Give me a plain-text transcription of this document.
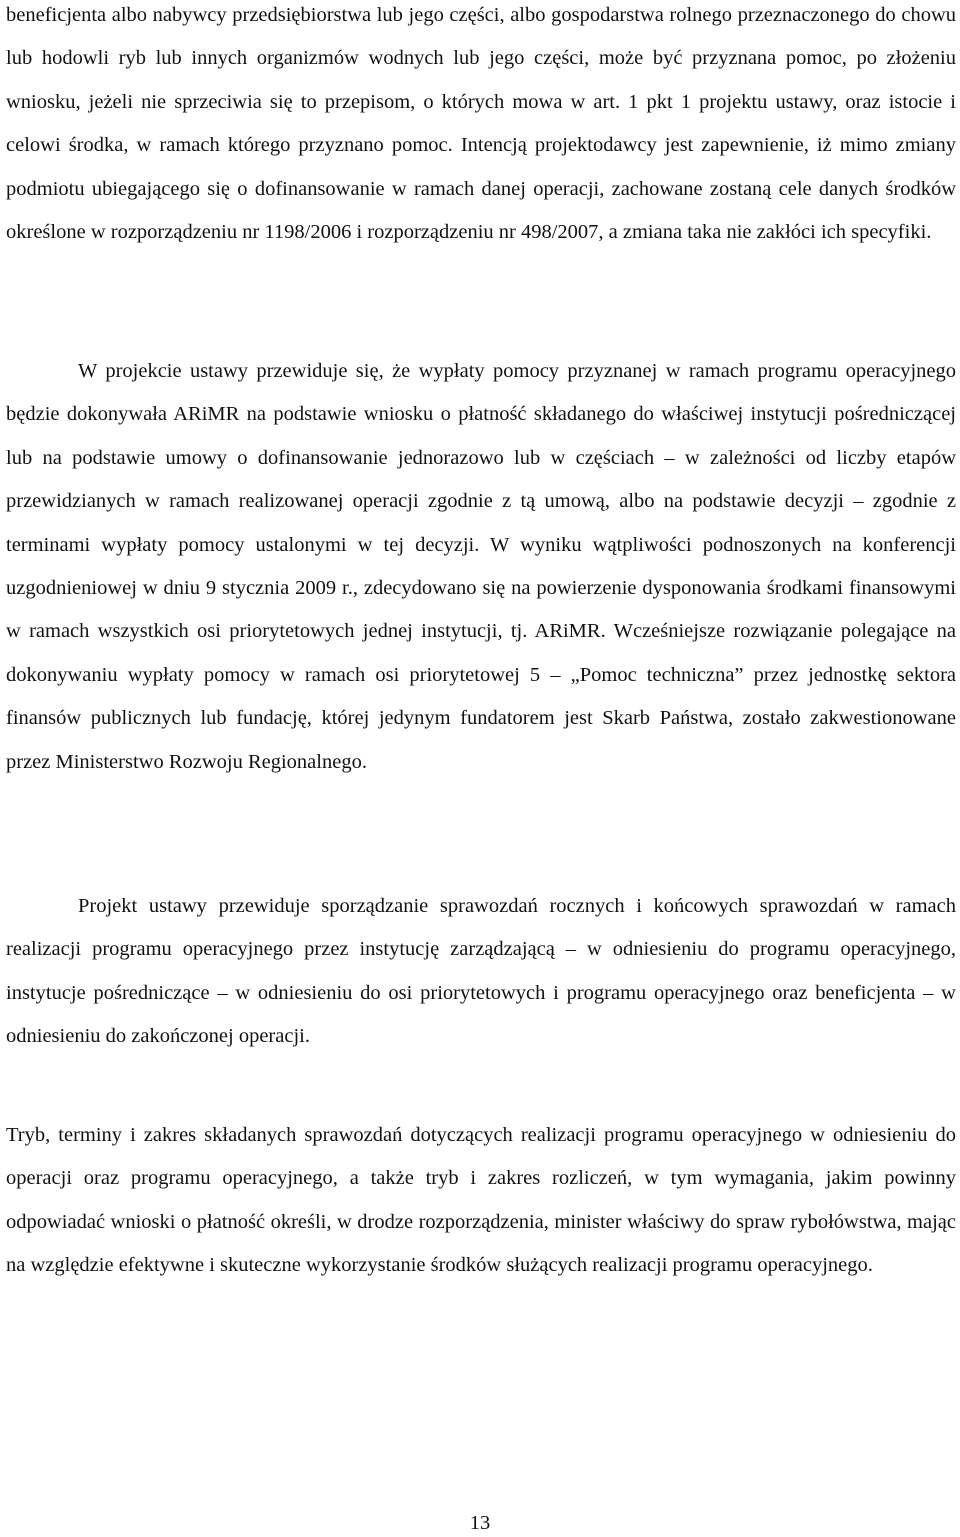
beneficjenta albo nabywcy przedsiębiorstwa lub jego części, albo gospodarstwa rolnego przeznaczonego do chowu lub hodowli ryb lub innych organizmów wodnych lub jego części, może być przyznana pomoc, po złożeniu wniosku, jeżeli nie sprzeciwia się to przepisom, o których mowa w art. 1 pkt 1 projektu ustawy, oraz istocie i celowi środka, w ramach którego przyznano pomoc. Intencją projektodawcy jest zapewnienie, iż mimo zmiany podmiotu ubiegającego się o dofinansowanie w ramach danej operacji, zachowane zostaną cele danych środków określone w rozporządzeniu nr 1198/2006 i rozporządzeniu nr 498/2007, a zmiana taka nie zakłóci ich specyfiki.

W projekcie ustawy przewiduje się, że wypłaty pomocy przyznanej w ramach programu operacyjnego będzie dokonywała ARiMR na podstawie wniosku o płatność składanego do właściwej instytucji pośredniczącej lub na podstawie umowy o dofinansowanie jednorazowo lub w częściach – w zależności od liczby etapów przewidzianych w ramach realizowanej operacji zgodnie z tą umową, albo na podstawie decyzji – zgodnie z terminami wypłaty pomocy ustalonymi w tej decyzji. W wyniku wątpliwości podnoszonych na konferencji uzgodnieniowej w dniu 9 stycznia 2009 r., zdecydowano się na powierzenie dysponowania środkami finansowymi w ramach wszystkich osi priorytetowych jednej instytucji, tj. ARiMR. Wcześniejsze rozwiązanie polegające na dokonywaniu wypłaty pomocy w ramach osi priorytetowej 5 – „Pomoc techniczna” przez jednostkę sektora finansów publicznych lub fundację, której jedynym fundatorem jest Skarb Państwa, zostało zakwestionowane przez Ministerstwo Rozwoju Regionalnego.

Projekt ustawy przewiduje sporządzanie sprawozdań rocznych i końcowych sprawozdań w ramach realizacji programu operacyjnego przez instytucję zarządzającą – w odniesieniu do programu operacyjnego, instytucje pośredniczące – w odniesieniu do osi priorytetowych i programu operacyjnego oraz beneficjenta – w odniesieniu do zakończonej operacji.

Tryb, terminy i zakres składanych sprawozdań dotyczących realizacji programu operacyjnego w odniesieniu do operacji oraz programu operacyjnego, a także tryb i zakres rozliczeń, w tym wymagania, jakim powinny odpowiadać wnioski o płatność określi, w drodze rozporządzenia, minister właściwy do spraw rybołówstwa, mając na względzie efektywne i skuteczne wykorzystanie środków służących realizacji programu operacyjnego.

13
